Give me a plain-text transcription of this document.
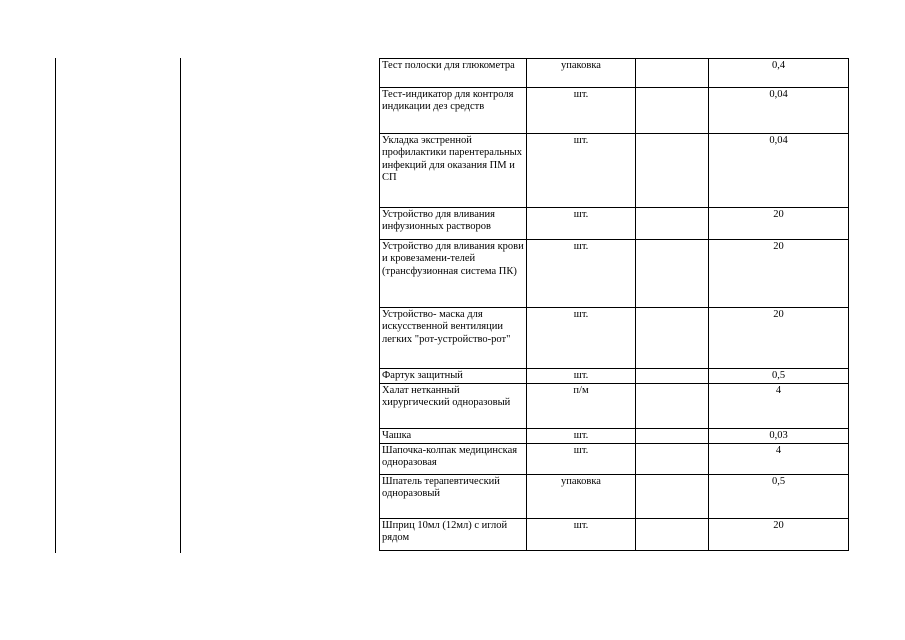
Тест полоски для глюкометра	упаковка		0,4
Тест-индикатор для контроля индикации дез средств	шт.		0,04
Укладка экстренной профилактики парентеральных инфекций для оказания ПМ и СП	шт.		0,04
Устройство для вливания инфузионных растворов	шт.		20
Устройство для вливания крови и кровезамени-телей (трансфузионная система ПК)	шт.		20
Устройство- маска для искусственной вентиляции легких "рот-устройство-рот"	шт.		20
Фартук защитный	шт.		0,5
Халат нетканный хирургический одноразовый	п/м		4
Чашка	шт.		0,03
Шапочка-колпак медицинская одноразовая	шт.		4
Шпатель терапевтический одноразовый	упаковка		0,5
Шприц 10мл (12мл) с иглой рядом	шт.		20
